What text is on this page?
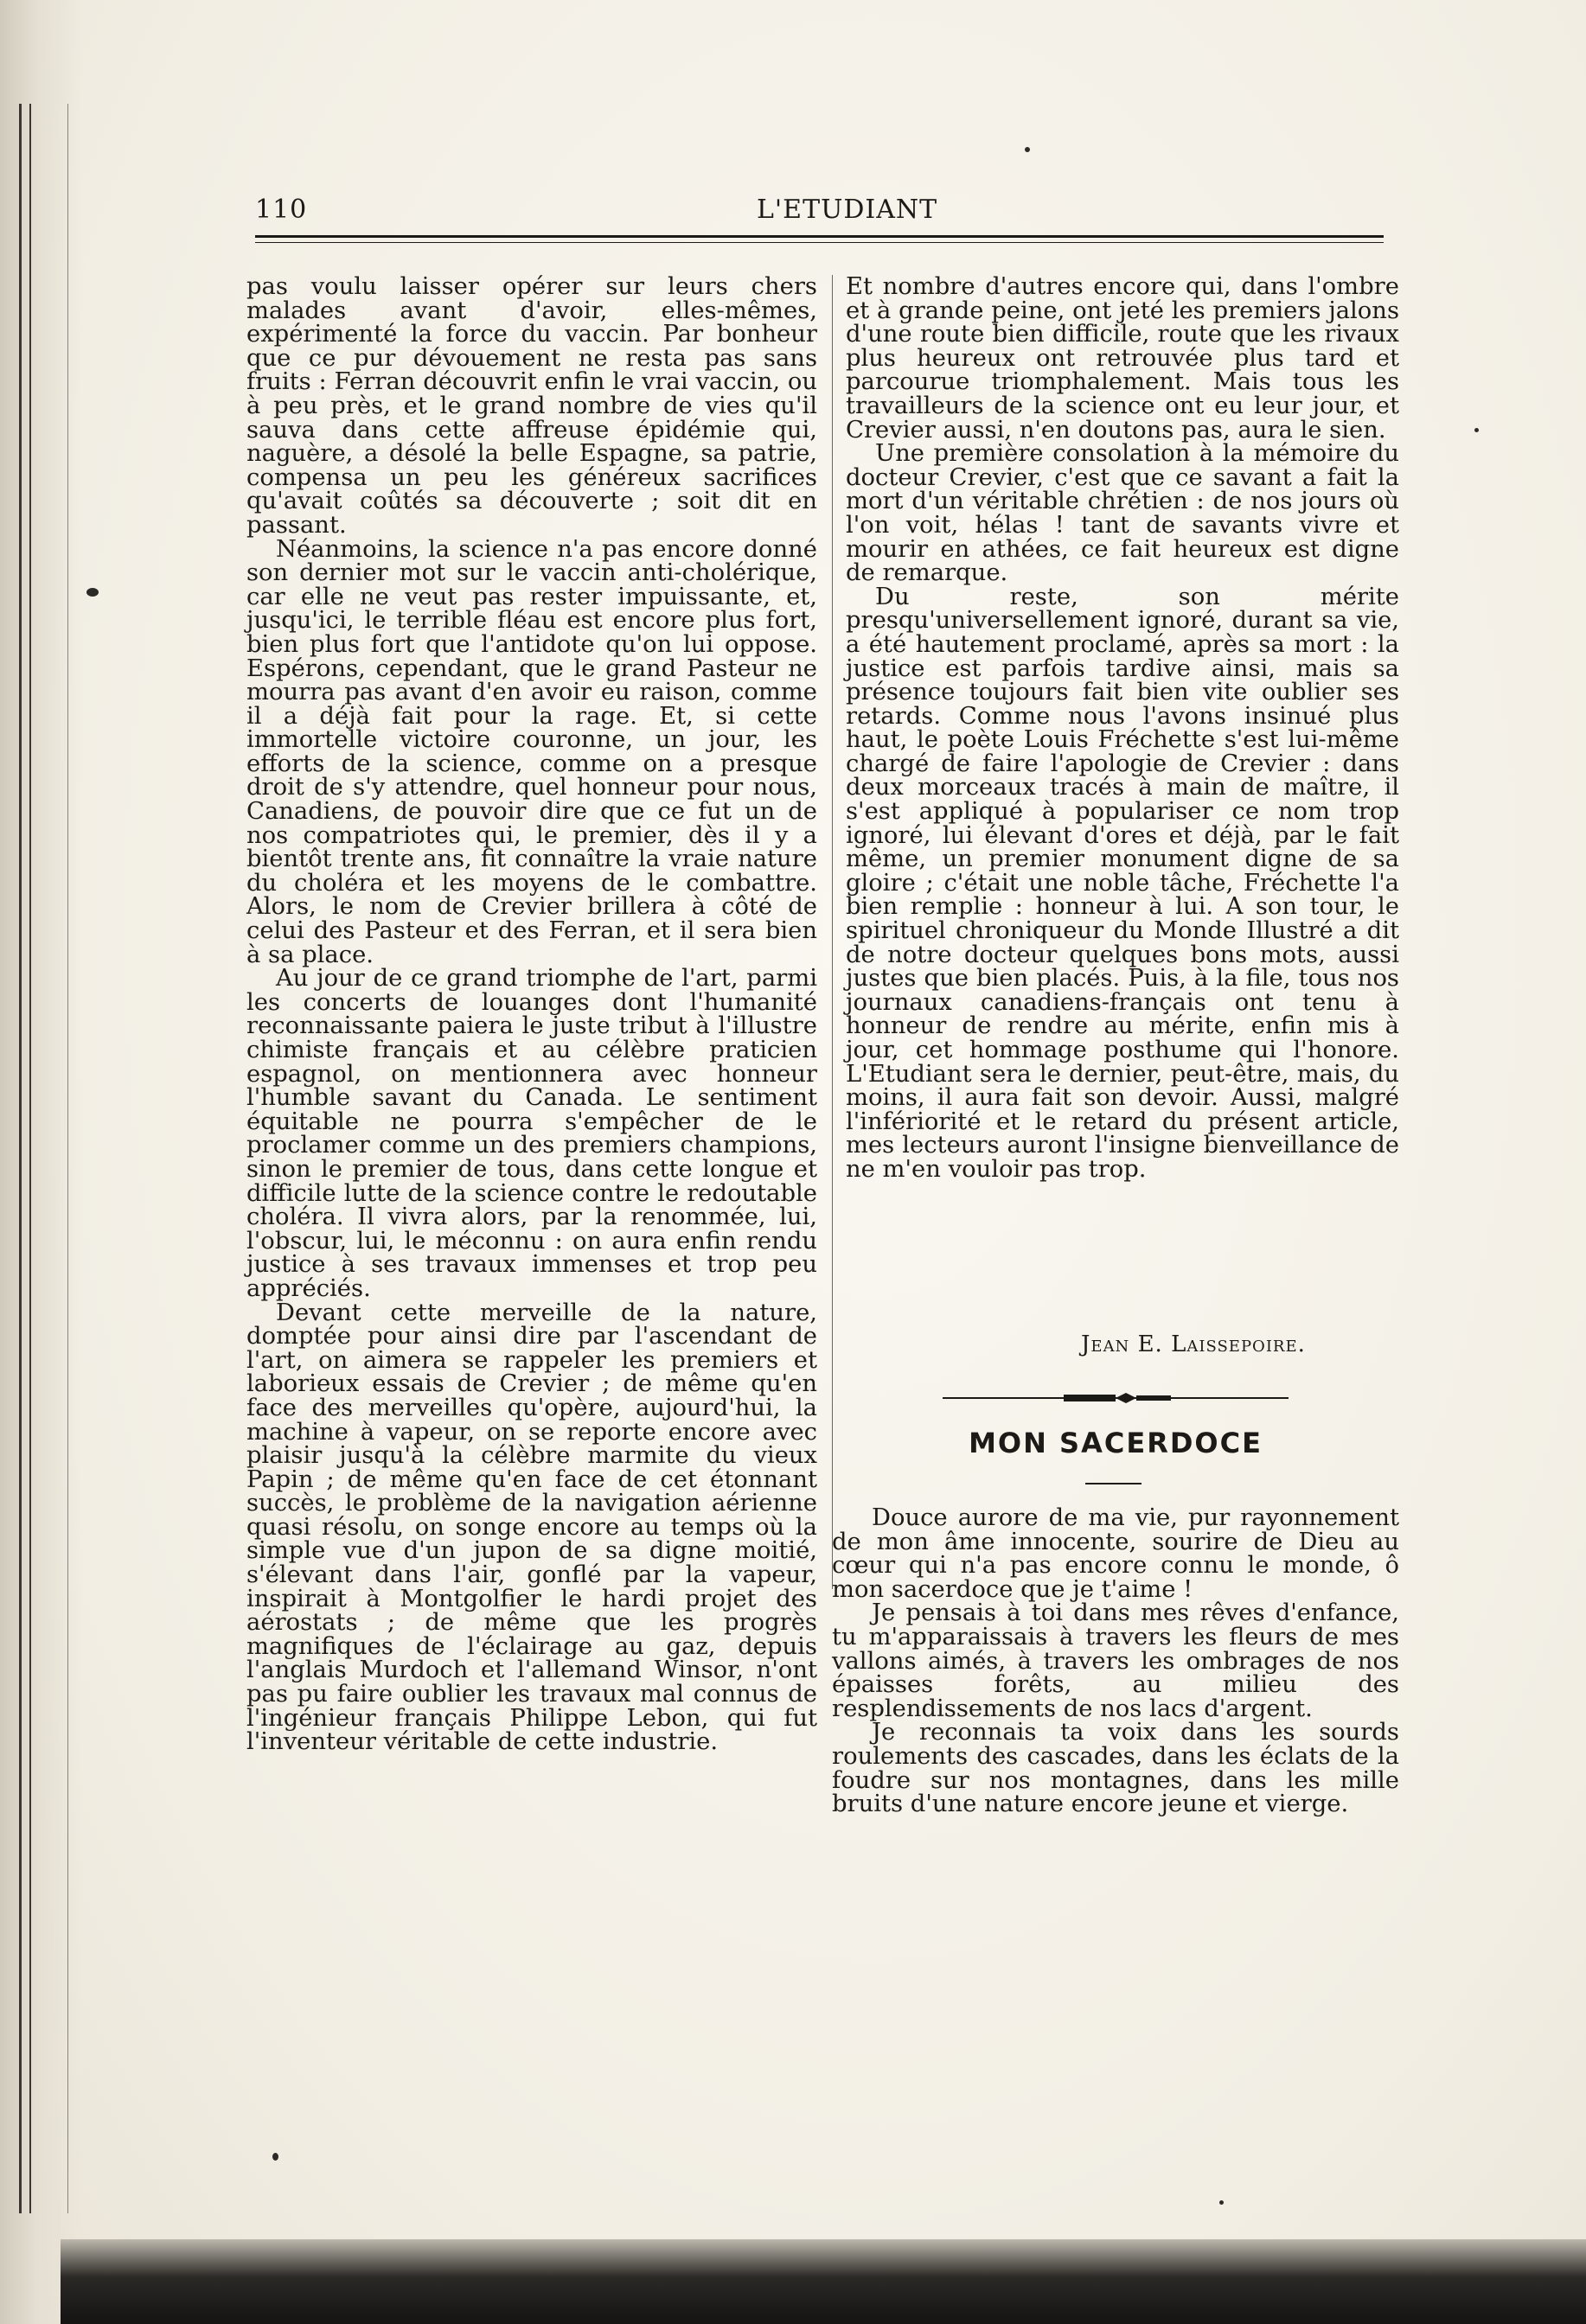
110	L'ETUDIANT

pas voulu laisser opérer sur leurs chers malades avant d'avoir, elles-mêmes, expérimenté la force du vaccin. Par bonheur que ce pur dévouement ne resta pas sans fruits : Ferran découvrit enfin le vrai vaccin, ou à peu près, et le grand nombre de vies qu'il sauva dans cette affreuse épidémie qui, naguère, a désolé la belle Espagne, sa patrie, compensa un peu les généreux sacrifices qu'avait coûtés sa découverte ; soit dit en passant.

Néanmoins, la science n'a pas encore donné son dernier mot sur le vaccin anti-cholérique, car elle ne veut pas rester impuissante, et, jusqu'ici, le terrible fléau est encore plus fort, bien plus fort que l'antidote qu'on lui oppose. Espérons, cependant, que le grand Pasteur ne mourra pas avant d'en avoir eu raison, comme il a déjà fait pour la rage. Et, si cette immortelle victoire couronne, un jour, les efforts de la science, comme on a presque droit de s'y attendre, quel honneur pour nous, Canadiens, de pouvoir dire que ce fut un de nos compatriotes qui, le premier, dès il y a bientôt trente ans, fit connaître la vraie nature du choléra et les moyens de le combattre. Alors, le nom de Crevier brillera à côté de celui des Pasteur et des Ferran, et il sera bien à sa place.

Au jour de ce grand triomphe de l'art, parmi les concerts de louanges dont l'humanité reconnaissante paiera le juste tribut à l'illustre chimiste français et au célèbre praticien espagnol, on mentionnera avec honneur l'humble savant du Canada. Le sentiment équitable ne pourra s'empêcher de le proclamer comme un des premiers champions, sinon le premier de tous, dans cette longue et difficile lutte de la science contre le redoutable choléra. Il vivra alors, par la renommée, lui, l'obscur, lui, le méconnu : on aura enfin rendu justice à ses travaux immenses et trop peu appréciés.

Devant cette merveille de la nature, domptée pour ainsi dire par l'ascendant de l'art, on aimera se rappeler les premiers et laborieux essais de Crevier ; de même qu'en face des merveilles qu'opère, aujourd'hui, la machine à vapeur, on se reporte encore avec plaisir jusqu'à la célèbre marmite du vieux Papin ; de même qu'en face de cet étonnant succès, le problème de la navigation aérienne quasi résolu, on songe encore au temps où la simple vue d'un jupon de sa digne moitié, s'élevant dans l'air, gonflé par la vapeur, inspirait à Montgolfier le hardi projet des aérostats ; de même que les progrès magnifiques de l'éclairage au gaz, depuis l'anglais Murdoch et l'allemand Winsor, n'ont pas pu faire oublier les travaux mal connus de l'ingénieur français Philippe Lebon, qui fut l'inventeur véritable de cette industrie.

Et nombre d'autres encore qui, dans l'ombre et à grande peine, ont jeté les premiers jalons d'une route bien difficile, route que les rivaux plus heureux ont retrouvée plus tard et parcourue triomphalement. Mais tous les travailleurs de la science ont eu leur jour, et Crevier aussi, n'en doutons pas, aura le sien.

Une première consolation à la mémoire du docteur Crevier, c'est que ce savant a fait la mort d'un véritable chrétien : de nos jours où l'on voit, hélas ! tant de savants vivre et mourir en athées, ce fait heureux est digne de remarque.

Du reste, son mérite presqu'universellement ignoré, durant sa vie, a été hautement proclamé, après sa mort : la justice est parfois tardive ainsi, mais sa présence toujours fait bien vite oublier ses retards. Comme nous l'avons insinué plus haut, le poète Louis Fréchette s'est lui-même chargé de faire l'apologie de Crevier : dans deux morceaux tracés à main de maître, il s'est appliqué à populariser ce nom trop ignoré, lui élevant d'ores et déjà, par le fait même, un premier monument digne de sa gloire ; c'était une noble tâche, Fréchette l'a bien remplie : honneur à lui. A son tour, le spirituel chroniqueur du Monde Illustré a dit de notre docteur quelques bons mots, aussi justes que bien placés. Puis, à la file, tous nos journaux canadiens-français ont tenu à honneur de rendre au mérite, enfin mis à jour, cet hommage posthume qui l'honore. L'Etudiant sera le dernier, peut-être, mais, du moins, il aura fait son devoir. Aussi, malgré l'infériorité et le retard du présent article, mes lecteurs auront l'insigne bienveillance de ne m'en vouloir pas trop.

Jean E. Laissepoire.
MON SACERDOCE

Douce aurore de ma vie, pur rayonnement de mon âme innocente, sourire de Dieu au cœur qui n'a pas encore connu le monde, ô mon sacerdoce que je t'aime !

Je pensais à toi dans mes rêves d'enfance, tu m'apparaissais à travers les fleurs de mes vallons aimés, à travers les ombrages de nos épaisses forêts, au milieu des resplendissements de nos lacs d'argent.

Je reconnais ta voix dans les sourds roulements des cascades, dans les éclats de la foudre sur nos montagnes, dans les mille bruits d'une nature encore jeune et vierge.
